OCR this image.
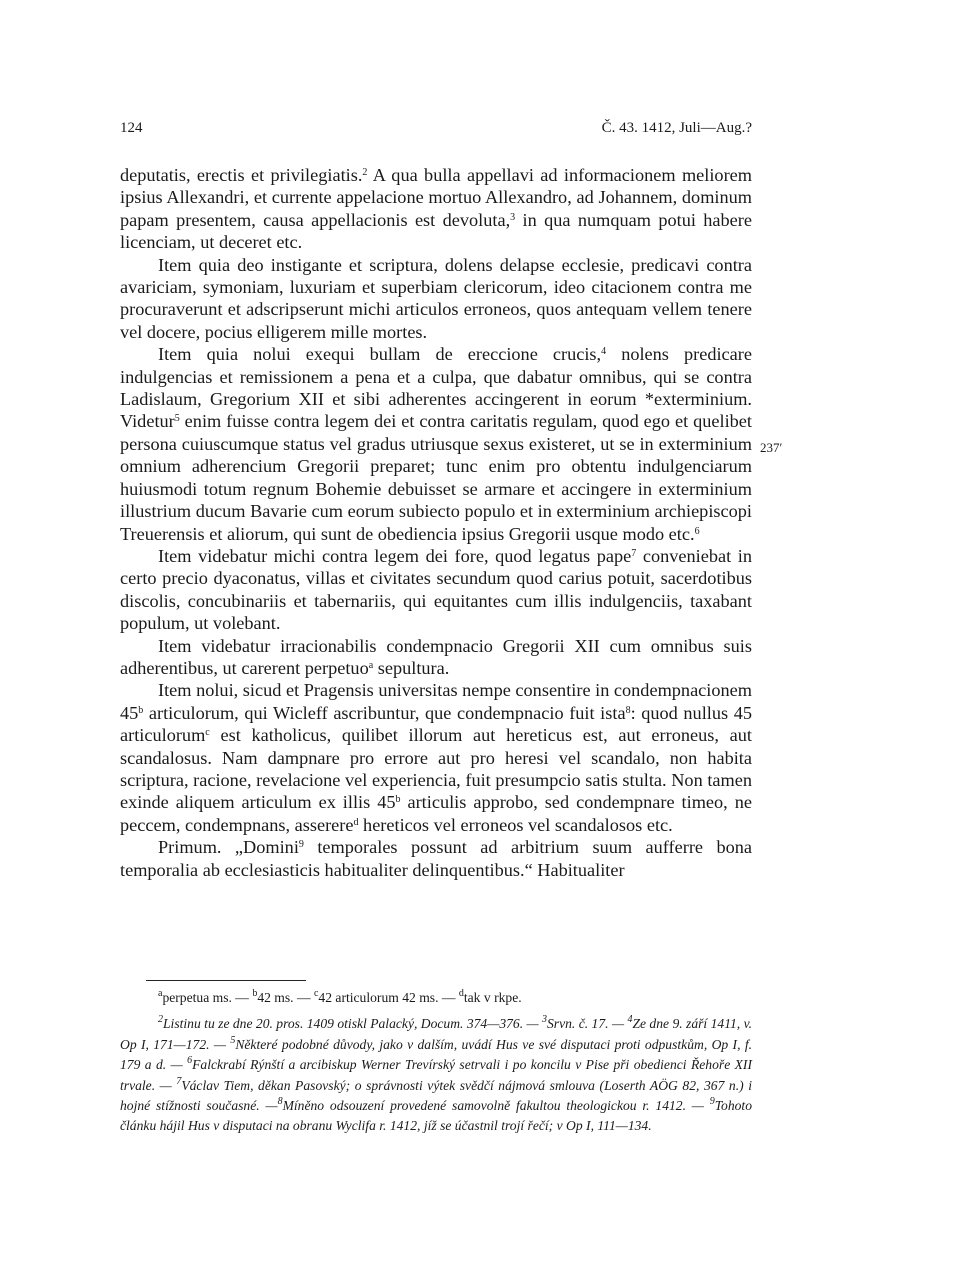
124	Č. 43. 1412, Juli—Aug.?

deputatis, erectis et privilegiatis.$^2$ A qua bulla appellavi ad informacionem meliorem ipsius Allexandri, et currente appelacione mortuo Allexandro, ad Johannem, dominum papam presentem, causa appellacionis est devoluta,$^3$ in qua numquam potui habere licenciam, ut deceret etc.

Item quia deo instigante et scriptura, dolens delapse ecclesie, predicavi contra avariciam, symoniam, luxuriam et superbiam clericorum, ideo citacionem contra me procuraverunt et adscripserunt michi articulos erroneos, quos antequam vellem tenere vel docere, pocius elligerem mille mortes.

Item quia nolui exequi bullam de ereccione crucis,$^4$ nolens predicare indulgencias et remissionem a pena et a culpa, que dabatur omnibus, qui se contra Ladislaum, Gregorium XII et sibi adherentes accingerent in eorum *exterminium. Videtur$^5$ enim fuisse contra legem dei et contra caritatis regulam, quod ego et quelibet persona cuiuscumque status vel gradus utriusque sexus existeret, ut se in exterminium omnium adherencium Gregorii preparet; tunc enim pro obtentu indulgenciarum huiusmodi totum regnum Bohemie debuisset se armare et accingere in exterminium illustrium ducum Bavarie cum eorum subiecto populo et in exterminium archiepiscopi Treuerensis et aliorum, qui sunt de obediencia ipsius Gregorii usque modo etc.$^6$

Item videbatur michi contra legem dei fore, quod legatus pape$^7$ conveniebat in certo precio dyaconatus, villas et civitates secundum quod carius potuit, sacerdotibus discolis, concubinariis et tabernariis, qui equitantes cum illis indulgenciis, taxabant populum, ut volebant.

Item videbatur irracionabilis condempnacio Gregorii XII cum omnibus suis adherentibus, ut carerent perpetuo$^a$ sepultura.

Item nolui, sicud et Pragensis universitas nempe consentire in condempnacionem 45$^b$ articulorum, qui Wicleff ascribuntur, que condempnacio fuit ista$^8$: quod nullus 45 articulorum$^c$ est katholicus, quilibet illorum aut hereticus est, aut erroneus, aut scandalosus. Nam dampnare pro errore aut pro heresi vel scandalo, non habita scriptura, racione, revelacione vel experiencia, fuit presumpcio satis stulta. Non tamen exinde aliquem articulum ex illis 45$^b$ articulis approbo, sed condempnare timeo, ne peccem, condempnans, asserere$^d$ hereticos vel erroneos vel scandalosos etc.

Primum. „Domini$^9$ temporales possunt ad arbitrium suum aufferre bona temporalia ab ecclesiasticis habitualiter delinquentibus.“ Habitualiter

237′

$^a$perpetua ms. — $^b$42 ms. — $^c$42 articulorum 42 ms. — $^d$tak v rkpe.

$^2$Listinu tu ze dne 20. pros. 1409 otiskl Palacký, Docum. 374—376. — $^3$Srvn. č. 17. — $^4$Ze dne 9. září 1411, v. Op I, 171—172. — $^5$Některé podobné důvody, jako v dalším, uvádí Hus ve své disputaci proti odpustkům, Op I, f. 179 a d. — $^6$Falckrabí Rýnští a arcibiskup Werner Trevírský setrvali i po koncilu v Pise při obedienci Řehoře XII trvale. — $^7$Václav Tiem, děkan Pasovský; o správnosti výtek svědčí nájmová smlouva (Loserth AÖG 82, 367 n.) i hojné stížnosti současné. —$^8$Míněno odsouzení provedené samovolně fakultou theologickou r. 1412. — $^9$Tohoto článku hájil Hus v disputaci na obranu Wyclifa r. 1412, jíž se účastnil trojí řečí; v Op I, 111—134.
